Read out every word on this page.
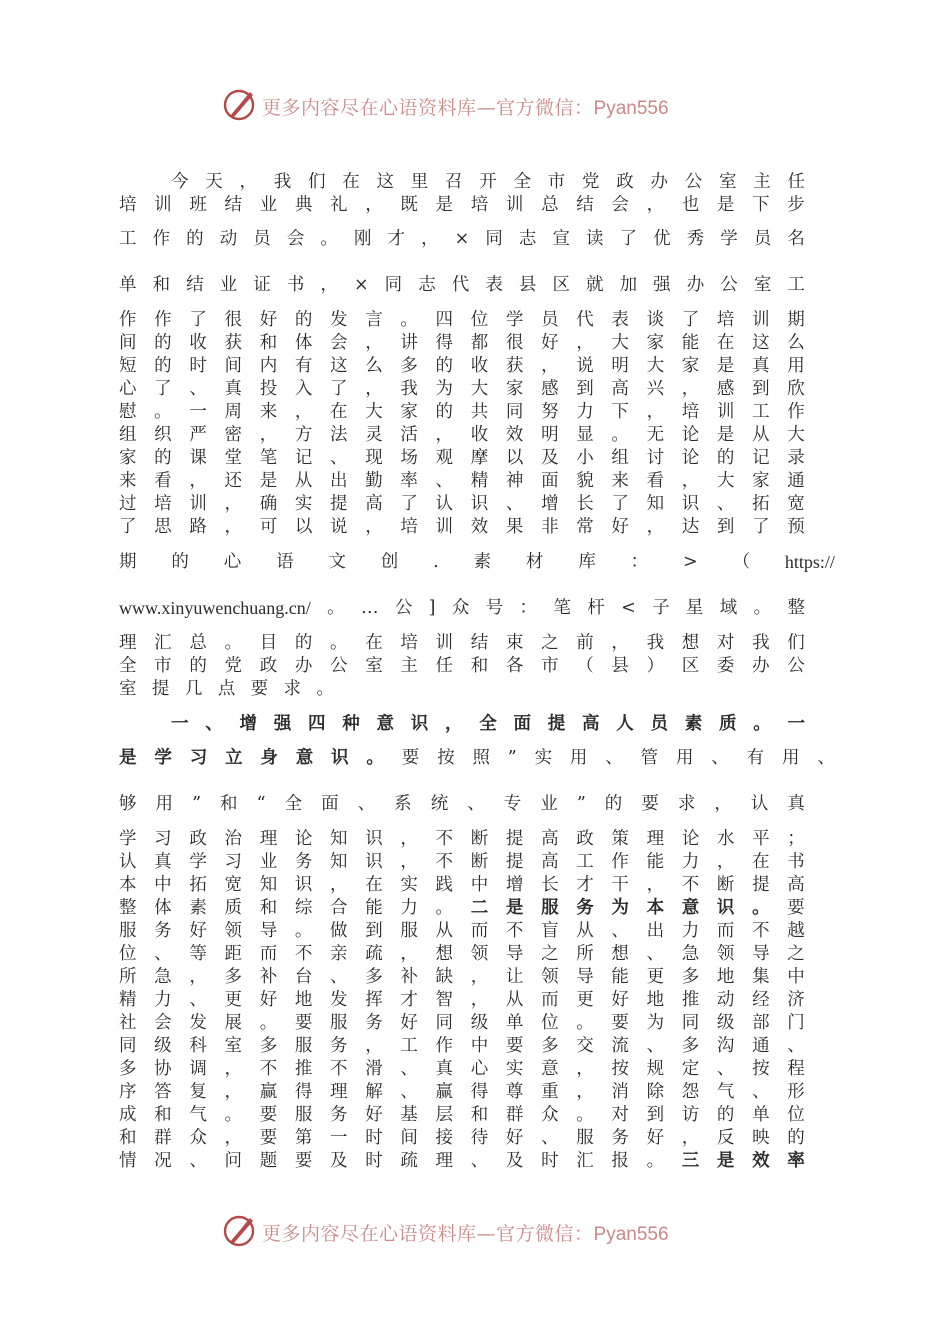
更多内容尽在心语资料库—官方微信：Pyan556
今 天 ， 我 们 在 这 里 召 开 全 市 党 政 办 公 室 主 任
培 训 班 结 业 典 礼 ， 既 是 培 训 总 结 会 ， 也 是 下 步
工 作 的 动 员 会 。 刚 才 ， × 同 志 宣 读 了 优 秀 学 员 名
单 和 结 业 证 书 ， × 同 志 代 表 县 区 就 加 强 办 公 室 工
作 作 了 很 好 的 发 言 。 四 位 学 员 代 表 谈 了 培 训 期
间 的 收 获 和 体 会 ， 讲 得 都 很 好 ， 大 家 能 在 这 么
短 的 时 间 内 有 这 么 多 的 收 获 ， 说 明 大 家 是 真 用
心 了 、 真 投 入 了 ， 我 为 大 家 感 到 高 兴 ， 感 到 欣
慰 。 一 周 来 ， 在 大 家 的 共 同 努 力 下 ， 培 训 工 作
组 织 严 密 ， 方 法 灵 活 ， 收 效 明 显 。 无 论 是 从 大
家 的 课 堂 笔 记 、 现 场 观 摩 以 及 小 组 讨 论 的 记 录
来 看 ， 还 是 从 出 勤 率 、 精 神 面 貌 来 看 ， 大 家 通
过 培 训 ， 确 实 提 高 了 认 识 、 增 长 了 知 识 、 拓 宽
了 思 路 ， 可 以 说 ， 培 训 效 果 非 常 好 ， 达 到 了 预
期 的 心 语 文 创 . 素 材 库 ： > （ https://
www.xinyuwenchuang.cn/ 。 … 公 ] 众 号 ： 笔 杆 < 子 星 域 。 整
理 汇 总 。 目 的 。 在 培 训 结 束 之 前 ， 我 想 对 我 们
全 市 的 党 政 办 公 室 主 任 和 各 市 （ 县 ） 区 委 办 公
室 提 几 点 要 求 。
一 、 增 强 四 种 意 识 ， 全 面 提 高 人 员 素 质 。 一
是 学 习 立 身 意 识 。 要 按 照 ” 实 用 、 管 用 、 有 用 、
够 用 ” 和 “ 全 面 、 系 统 、 专 业 ” 的 要 求 ， 认 真
学 习 政 治 理 论 知 识 ， 不 断 提 高 政 策 理 论 水 平 ；
认 真 学 习 业 务 知 识 ， 不 断 提 高 工 作 能 力 ， 在 书
本 中 拓 宽 知 识 ， 在 实 践 中 增 长 才 干 ， 不 断 提 高
整 体 素 质 和 综 合 能 力 。 二 是 服 务 为 本 意 识 。 要
服 务 好 领 导 。 做 到 服 从 而 不 盲 从 、 出 力 而 不 越
位 、 等 距 而 不 亲 疏 ， 想 领 导 之 所 想 、 急 领 导 之
所 急 ， 多 补 台 、 多 补 缺 ， 让 领 导 能 更 多 地 集 中
精 力 、 更 好 地 发 挥 才 智 ， 从 而 更 好 地 推 动 经 济
社 会 发 展 。 要 服 务 好 同 级 单 位 。 要 为 同 级 部 门
同 级 科 室 多 服 务 ， 工 作 中 要 多 交 流 、 多 沟 通 、
多 协 调 ， 不 推 不 滑 、 真 心 实 意 ， 按 规 定 、 按 程
序 答 复 ， 赢 得 理 解 、 赢 得 尊 重 ， 消 除 怨 气 、 形
成 和 气 。 要 服 务 好 基 层 和 群 众 。 对 到 访 的 单 位
和 群 众 ， 要 第 一 时 间 接 待 好 、 服 务 好 ， 反 映 的
情 况 、 问 题 要 及 时 疏 理 、 及 时 汇 报 。 三 是 效 率
更多内容尽在心语资料库—官方微信：Pyan556
